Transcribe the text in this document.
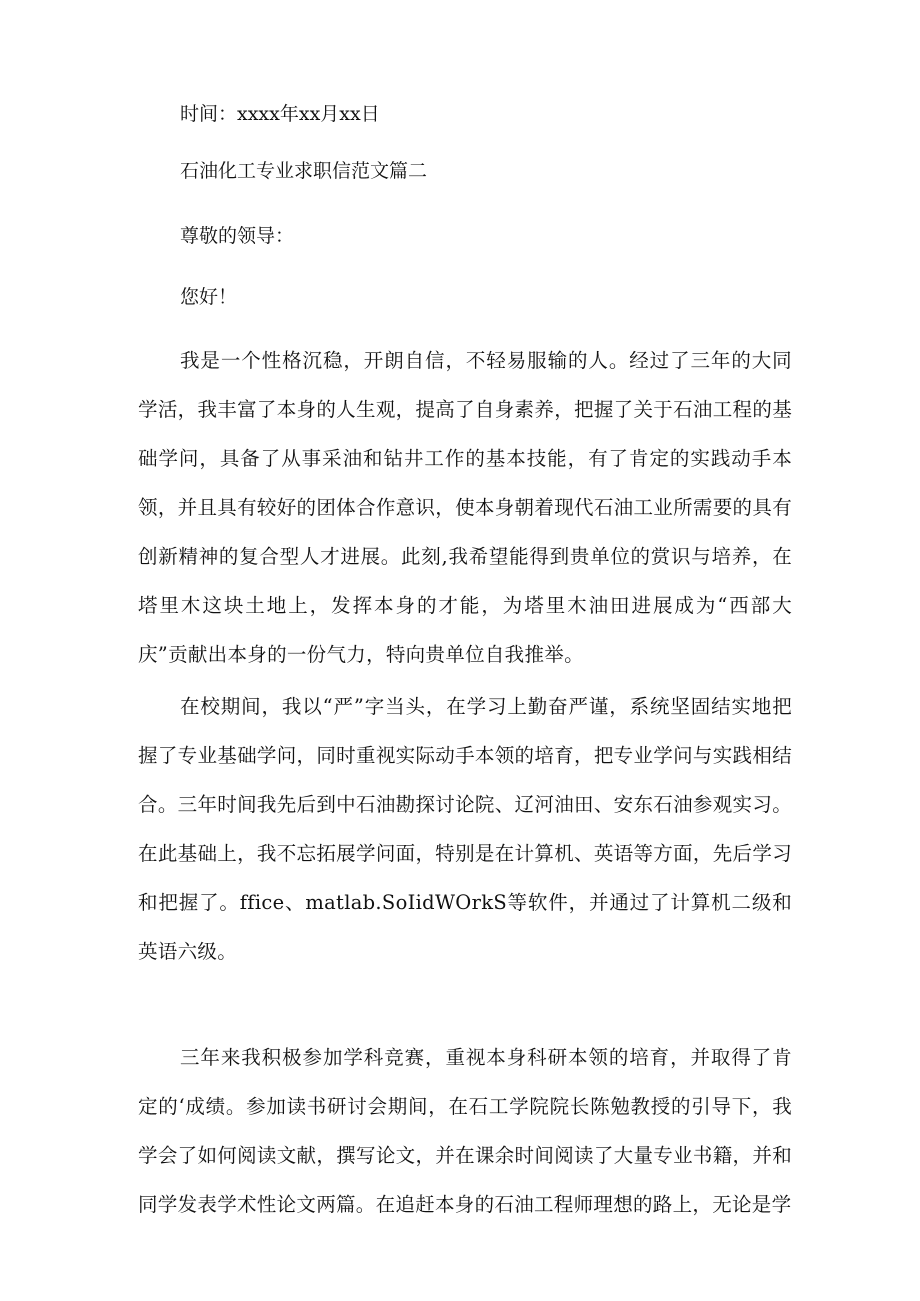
时间：xxxx年xx月xx日
石油化工专业求职信范文篇二
尊敬的领导：
您好！
我是一个性格沉稳，开朗自信，不轻易服输的人。经过了三年的大同学活，我丰富了本身的人生观，提高了自身素养，把握了关于石油工程的基础学问，具备了从事采油和钻井工作的基本技能，有了肯定的实践动手本领，并且具有较好的团体合作意识，使本身朝着现代石油工业所需要的具有创新精神的复合型人才进展。此刻,我希望能得到贵单位的赏识与培养，在塔里木这块土地上，发挥本身的才能，为塔里木油田进展成为“西部大庆”贡献出本身的一份气力，特向贵单位自我推举。
在校期间，我以“严”字当头，在学习上勤奋严谨，系统坚固结实地把握了专业基础学问，同时重视实际动手本领的培育，把专业学问与实践相结合。三年时间我先后到中石油勘探讨论院、辽河油田、安东石油参观实习。在此基础上，我不忘拓展学问面，特别是在计算机、英语等方面，先后学习和把握了。ffice、matlab.SoIidWOrkS等软件，并通过了计算机二级和英语六级。
三年来我积极参加学科竞赛，重视本身科研本领的培育，并取得了肯定的‘成绩。参加读书研讨会期间，在石工学院院长陈勉教授的引导下，我学会了如何阅读文献，撰写论文，并在课余时间阅读了大量专业书籍，并和同学发表学术性论文两篇。在追赶本身的石油工程师理想的路上，无论是学
